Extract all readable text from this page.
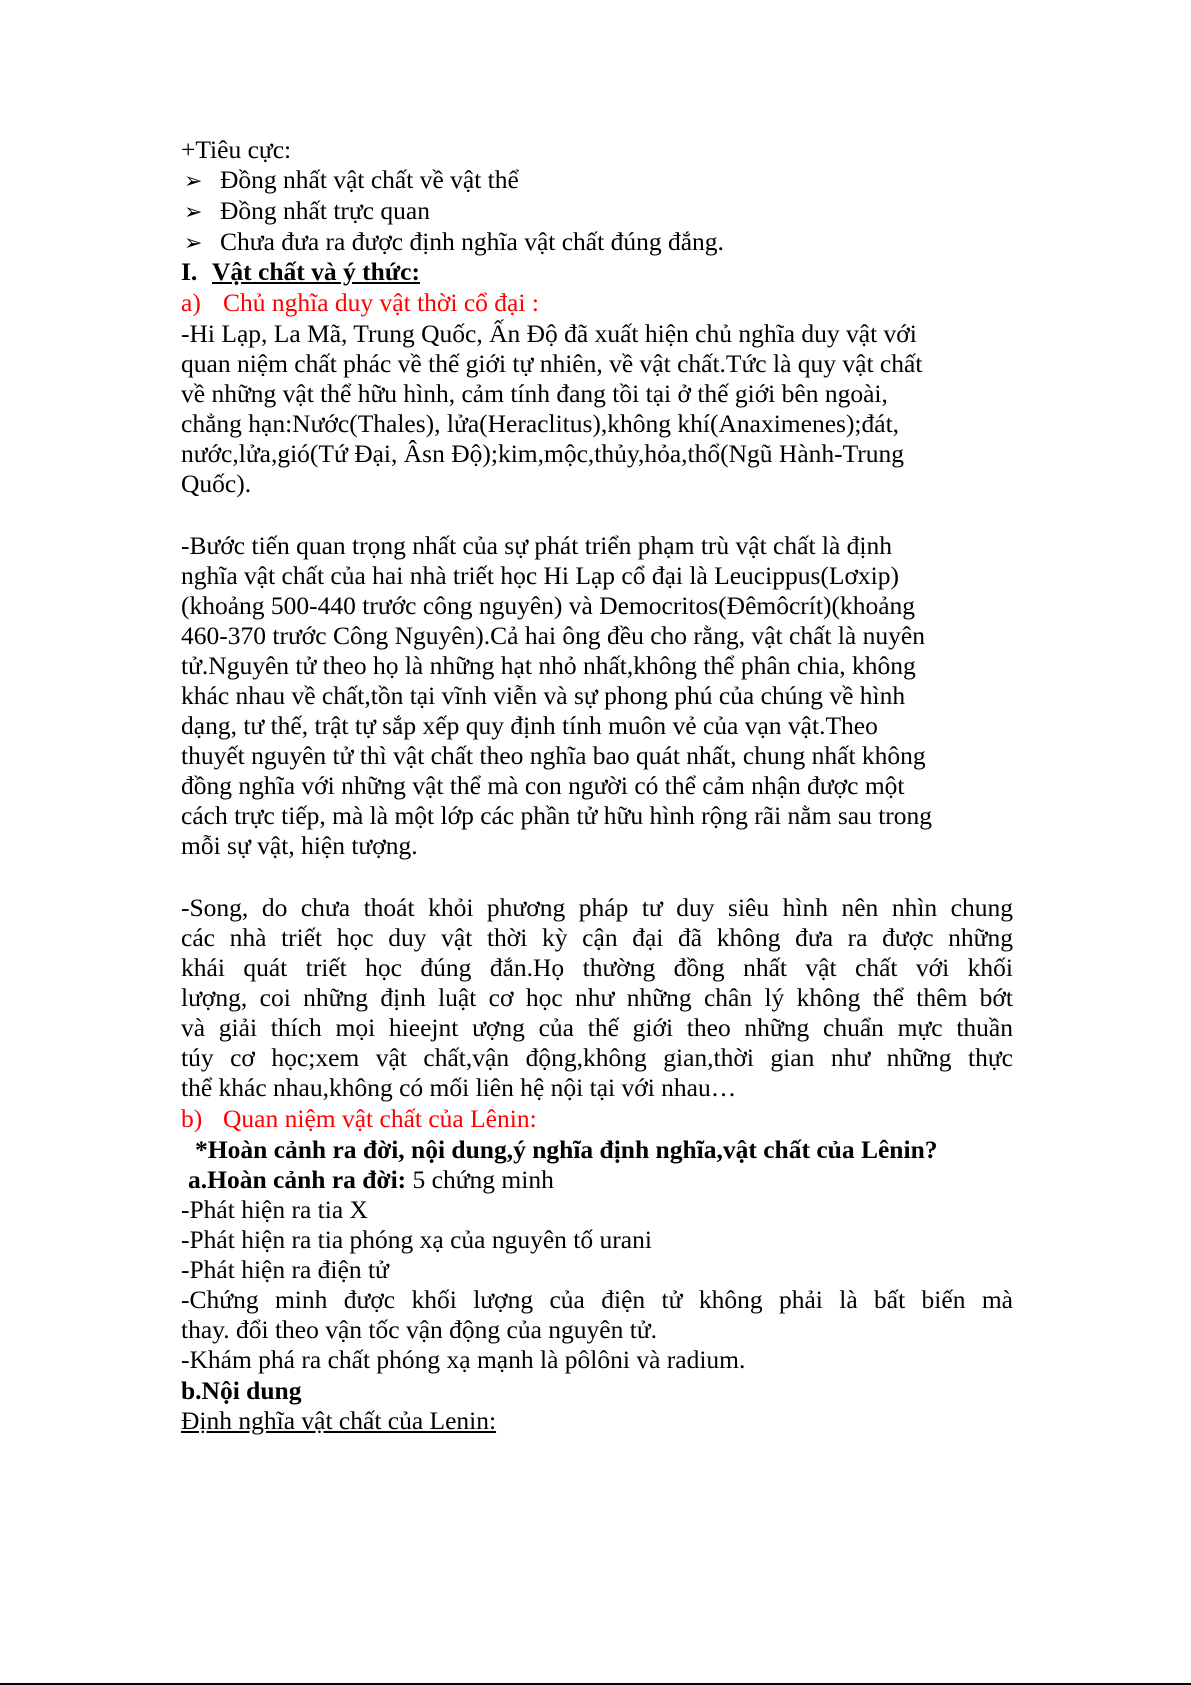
+Tiêu cực:
➢ Đồng nhất vật chất về vật thể
➢ Đồng nhất trực quan
➢ Chưa đưa ra được định nghĩa vật chất đúng đắng.
I. Vật chất và ý thức:
a) Chủ nghĩa duy vật thời cổ đại :
-Hi Lạp, La Mã, Trung Quốc, Ấn Độ đã xuất hiện chủ nghĩa duy vật với
quan niệm chất phác về thế giới tự nhiên, về vật chất.Tức là quy vật chất
về những vật thể hữu hình, cảm tính đang tồi tại ở thế giới bên ngoài,
chẳng hạn:Nước(Thales), lửa(Heraclitus),không khí(Anaximenes);đát,
nước,lửa,gió(Tứ Đại, Âsn Độ);kim,mộc,thủy,hỏa,thổ(Ngũ Hành-Trung
Quốc).
-Bước tiến quan trọng nhất của sự phát triển phạm trù vật chất là định
nghĩa vật chất của hai nhà triết học Hi Lạp cổ đại là Leucippus(Lơxip)
(khoảng 500-440 trước công nguyên) và Democritos(Đêmôcrít)(khoảng
460-370 trước Công Nguyên).Cả hai ông đều cho rằng, vật chất là nuyên
tử.Nguyên tử theo họ là những hạt nhỏ nhất,không thể phân chia, không
khác nhau về chất,tồn tại vĩnh viễn và sự phong phú của chúng về hình
dạng, tư thế, trật tự sắp xếp quy định tính muôn vẻ của vạn vật.Theo
thuyết nguyên tử thì vật chất theo nghĩa bao quát nhất, chung nhất không
đồng nghĩa với những vật thể mà con người có thể cảm nhận được một
cách trực tiếp, mà là một lớp các phần tử hữu hình rộng rãi nằm sau trong
mỗi sự vật, hiện tượng.
-Song, do chưa thoát khỏi phương pháp tư duy siêu hình nên nhìn chung
các nhà triết học duy vật thời kỳ cận đại đã không đưa ra được những
khái quát triết học đúng đắn.Họ thường đồng nhất vật chất với khối
lượng, coi những định luật cơ học như những chân lý không thể thêm bớt
và giải thích mọi hieejnt ượng của thế giới theo những chuẩn mực thuần
túy cơ học;xem vật chất,vận động,không gian,thời gian như những thực
thể khác nhau,không có mối liên hệ nội tại với nhau…
b) Quan niệm vật chất của Lênin:
*Hoàn cảnh ra đời, nội dung,ý nghĩa định nghĩa,vật chất của Lênin?
a.Hoàn cảnh ra đời: 5 chứng minh
-Phát hiện ra tia X
-Phát hiện ra tia phóng xạ của nguyên tố urani
-Phát hiện ra điện tử
-Chứng minh được khối lượng của điện tử không phải là bất biến mà
thay. đổi theo vận tốc vận động của nguyên tử.
-Khám phá ra chất phóng xạ mạnh là pôlôni và radium.
b.Nội dung
Định nghĩa vật chất của Lenin:
